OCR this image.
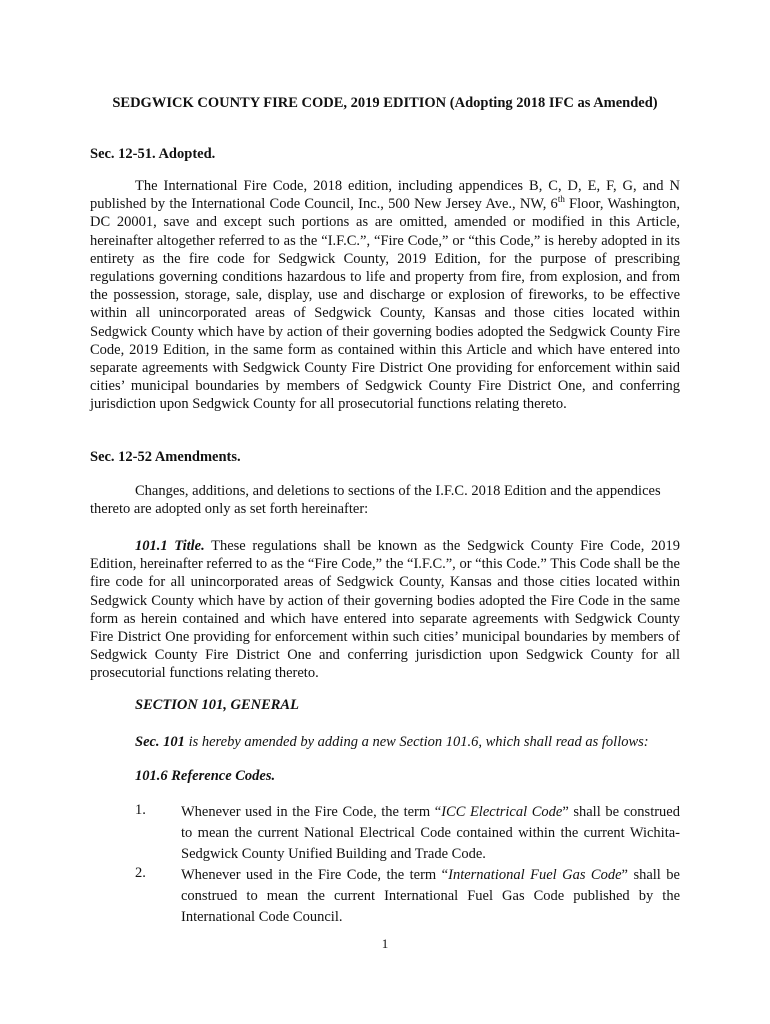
SEDGWICK COUNTY FIRE CODE, 2019 EDITION (Adopting 2018 IFC as Amended)
Sec. 12-51. Adopted.

The International Fire Code, 2018 edition, including appendices B, C, D, E, F, G, and N published by the International Code Council, Inc., 500 New Jersey Ave., NW, 6th Floor, Washington, DC 20001, save and except such portions as are omitted, amended or modified in this Article, hereinafter altogether referred to as the “I.F.C.”, “Fire Code,” or “this Code,” is hereby adopted in its entirety as the fire code for Sedgwick County, 2019 Edition, for the purpose of prescribing regulations governing conditions hazardous to life and property from fire, from explosion, and from the possession, storage, sale, display, use and discharge or explosion of fireworks, to be effective within all unincorporated areas of Sedgwick County, Kansas and those cities located within Sedgwick County which have by action of their governing bodies adopted the Sedgwick County Fire Code, 2019 Edition, in the same form as contained within this Article and which have entered into separate agreements with Sedgwick County Fire District One providing for enforcement within said cities’ municipal boundaries by members of Sedgwick County Fire District One, and conferring jurisdiction upon Sedgwick County for all prosecutorial functions relating thereto.

Sec. 12-52 Amendments.

Changes, additions, and deletions to sections of the I.F.C. 2018 Edition and the appendices thereto are adopted only as set forth hereinafter:

101.1 Title. These regulations shall be known as the Sedgwick County Fire Code, 2019 Edition, hereinafter referred to as the “Fire Code,” the “I.F.C.”, or “this Code.” This Code shall be the fire code for all unincorporated areas of Sedgwick County, Kansas and those cities located within Sedgwick County which have by action of their governing bodies adopted the Fire Code in the same form as herein contained and which have entered into separate agreements with Sedgwick County Fire District One providing for enforcement within such cities’ municipal boundaries by members of Sedgwick County Fire District One and conferring jurisdiction upon Sedgwick County for all prosecutorial functions relating thereto.

SECTION 101, GENERAL
Sec. 101 is hereby amended by adding a new Section 101.6, which shall read as follows:
101.6 Reference Codes.
1. Whenever used in the Fire Code, the term “ICC Electrical Code” shall be construed to mean the current National Electrical Code contained within the current Wichita-Sedgwick County Unified Building and Trade Code.

2. Whenever used in the Fire Code, the term “International Fuel Gas Code” shall be construed to mean the current International Fuel Gas Code published by the International Code Council.

1
